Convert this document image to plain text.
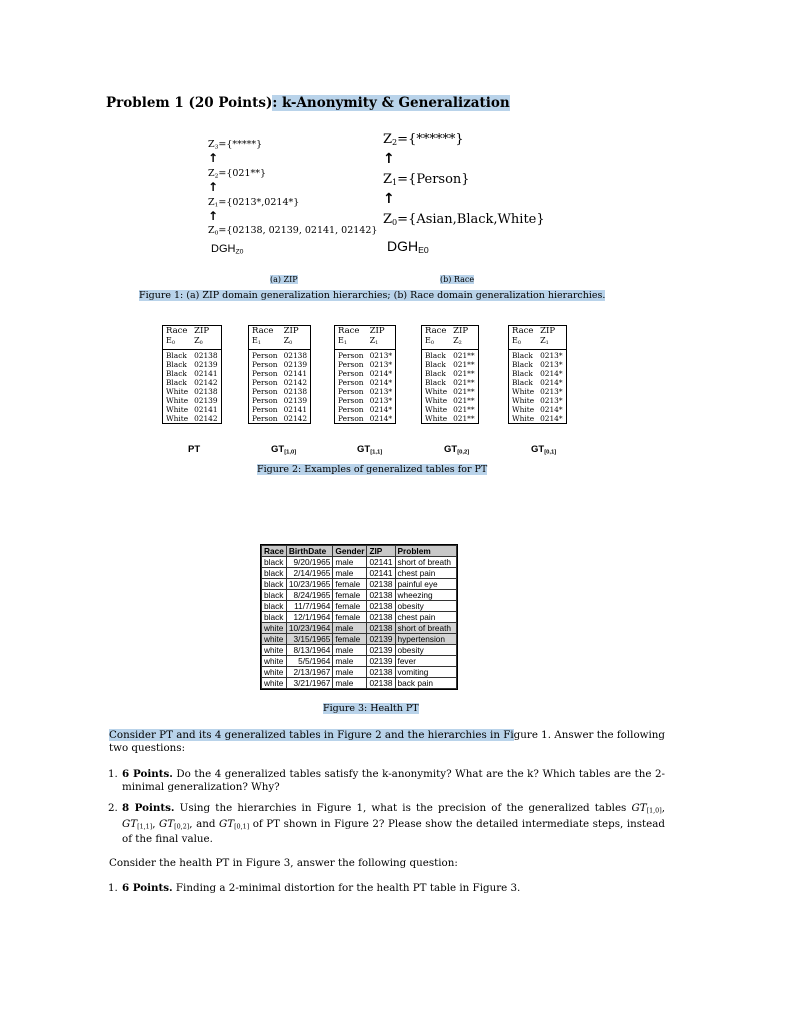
Problem 1 (20 Points): k-Anonymity & Generalization
$Z_3=\{*****\}$
↑
$Z_2=\{021**\}$
↑
$Z_1=\{0213*,0214*\}$
↑
$Z_0=\{02138$, 02139, 02141, 02142}
$DGH_{Z0}$
$Z_2=\{******\}$
↑
$Z_1=\{Person\}$
↑
$Z_0=\{Asian,Black,White\}$
$DGH_{E0}$
(a) ZIP	(b) Race
Figure 1: (a) ZIP domain generalization hierarchies; (b) Race domain generalization hierarchies.
Race	ZIP
$E_0$	$Z_0$
Black	02138
Black	02139
Black	02141
Black	02142
White	02138
White	02139
White	02141
White	02142
PT
Race	ZIP
$E_1$	$Z_0$
Person	02138
Person	02139
Person	02141
Person	02142
Person	02138
Person	02139
Person	02141
Person	02142
$GT_{[1,0]}$
Race	ZIP
$E_1$	$Z_1$
Person	0213*
Person	0213*
Person	0214*
Person	0214*
Person	0213*
Person	0213*
Person	0214*
Person	0214*
$GT_{[1,1]}$
Race	ZIP
$E_0$	$Z_2$
Black	021**
Black	021**
Black	021**
Black	021**
White	021**
White	021**
White	021**
White	021**
$GT_{[0,2]}$
Race	ZIP
$E_0$	$Z_1$
Black	0213*
Black	0213*
Black	0214*
Black	0214*
White	0213*
White	0213*
White	0214*
White	0214*
$GT_{[0,1]}$
Figure 2: Examples of generalized tables for PT
Race	BirthDate	Gender	ZIP	Problem
black	9/20/1965	male	02141	short of breath
black	2/14/1965	male	02141	chest pain
black	10/23/1965	female	02138	painful eye
black	8/24/1965	female	02138	wheezing
black	11/7/1964	female	02138	obesity
black	12/1/1964	female	02138	chest pain
white	10/23/1964	male	02138	short of breath
white	3/15/1965	female	02139	hypertension
white	8/13/1964	male	02139	obesity
white	5/5/1964	male	02139	fever
white	2/13/1967	male	02138	vomiting
white	3/21/1967	male	02138	back pain
Figure 3: Health PT
Consider PT and its 4 generalized tables in Figure 2 and the hierarchies in Figure 1. Answer the following two questions:
1. 6 Points. Do the 4 generalized tables satisfy the k-anonymity? What are the k? Which tables are the 2-minimal generalization? Why?
2. 8 Points. Using the hierarchies in Figure 1, what is the precision of the generalized tables $GT_{[1,0]}$, $GT_{[1,1]}$, $GT_{[0,2]}$, and $GT_{[0,1]}$ of PT shown in Figure 2? Please show the detailed intermediate steps, instead of the final value.
Consider the health PT in Figure 3, answer the following question:
1. 6 Points. Finding a 2-minimal distortion for the health PT table in Figure 3.
